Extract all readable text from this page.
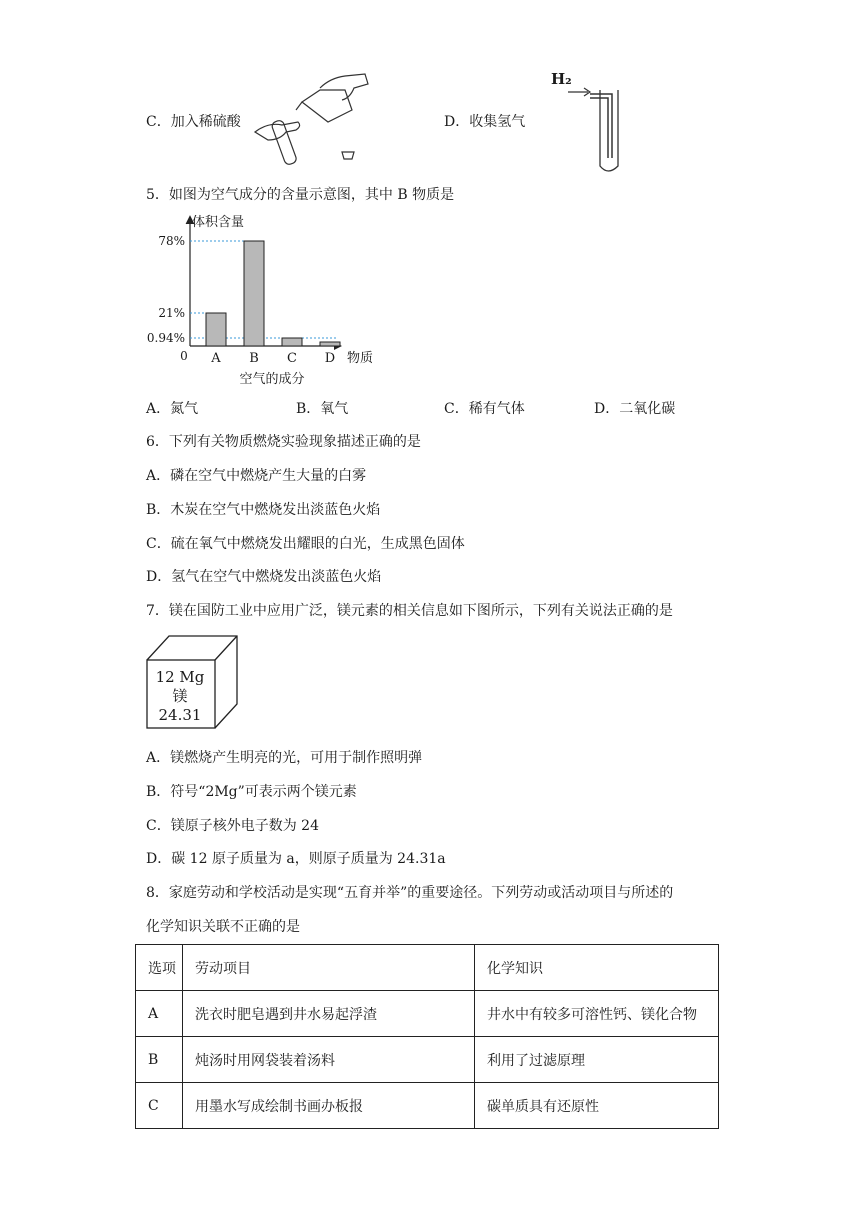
C．加入稀硫酸	D．收集氢气
H₂
5．如图为空气成分的含量示意图，其中 B 物质是
体积含量
物质
0
空气的成分
78%
21%
0.94%
A B C D
A．氮气	B．氧气	C．稀有气体	D．二氧化碳
6．下列有关物质燃烧实验现象描述正确的是
A．磷在空气中燃烧产生大量的白雾
B．木炭在空气中燃烧发出淡蓝色火焰
C．硫在氧气中燃烧发出耀眼的白光，生成黑色固体
D．氢气在空气中燃烧发出淡蓝色火焰
7．镁在国防工业中应用广泛，镁元素的相关信息如下图所示，下列有关说法正确的是
12 Mg
镁
24.31
A．镁燃烧产生明亮的光，可用于制作照明弹
B．符号“2Mg”可表示两个镁元素
C．镁原子核外电子数为 24
D．碳 12 原子质量为 a，则原子质量为 24.31a
8．家庭劳动和学校活动是实现“五育并举”的重要途径。下列劳动或活动项目与所述的
化学知识关联不正确的是
选项	劳动项目	化学知识
A	洗衣时肥皂遇到井水易起浮渣	井水中有较多可溶性钙、镁化合物
B	炖汤时用网袋装着汤料	利用了过滤原理
C	用墨水写成绘制书画办板报	碳单质具有还原性
